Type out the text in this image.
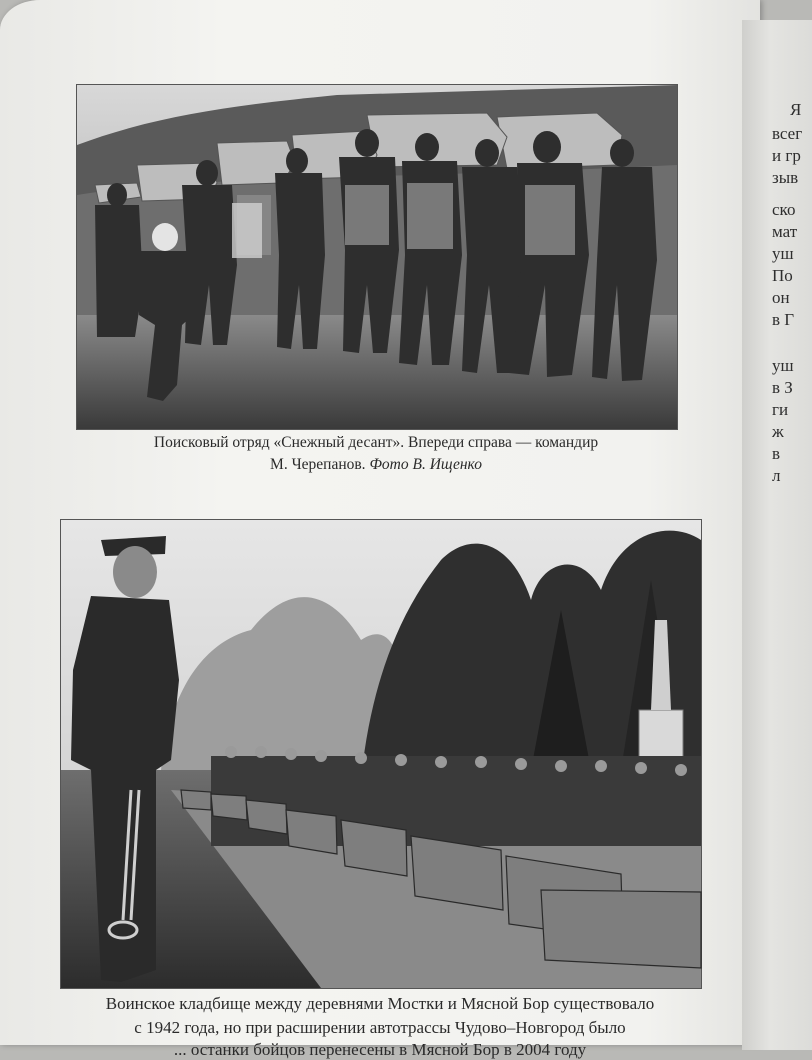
Поисковый отряд «Снежный десант». Впереди справа — командир
М. Черепанов. Фото В. Ищенко
Воинское кладбище между деревнями Мостки и Мясной Бор существовало
с 1942 года, но при расширении автотрассы Чудово–Новгород было
... останки бойцов перенесены в Мясной Бор в 2004 году
Я
всег
и гр
зыв
ско
мат
уш
По
он
в Г
уш
в З
ги
ж
в
л
